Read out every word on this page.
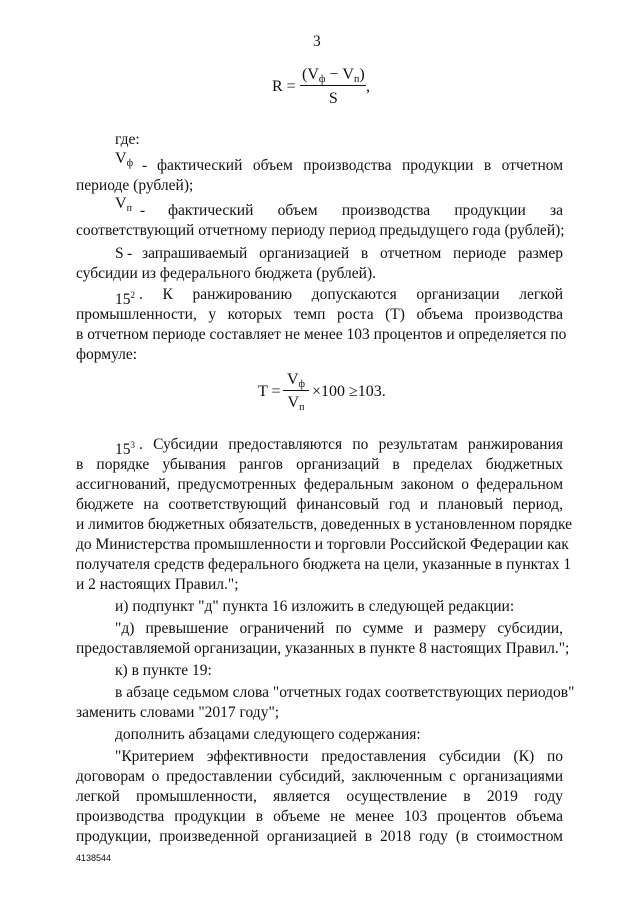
3
R =
$(V_ф - V_п)$
S
,
где:
$V_ф$ - фактический объем производства продукции в отчетном
периоде (рублей);
$V_п$ - фактический объем производства продукции за
соответствующий отчетному периоду период предыдущего года (рублей);
S - запрашиваемый организацией в отчетном периоде размер
субсидии из федерального бюджета (рублей).
$15^2$ . К ранжированию допускаются организации легкой
промышленности, у которых темп роста (Т) объема производства
в отчетном периоде составляет не менее 103 процентов и определяется по
формуле:
T =
$V_ф$
$V_п$
×100 ≥103.
$15^3$ . Субсидии предоставляются по результатам ранжирования
в порядке убывания рангов организаций в пределах бюджетных
ассигнований, предусмотренных федеральным законом о федеральном
бюджете на соответствующий финансовый год и плановый период,
и лимитов бюджетных обязательств, доведенных в установленном порядке
до Министерства промышленности и торговли Российской Федерации как
получателя средств федерального бюджета на цели, указанные в пунктах 1
и 2 настоящих Правил.";
и) подпункт "д" пункта 16 изложить в следующей редакции:
"д) превышение ограничений по сумме и размеру субсидии,
предоставляемой организации, указанных в пункте 8 настоящих Правил.";
к) в пункте 19:
в абзаце седьмом слова "отчетных годах соответствующих периодов"
заменить словами "2017 году";
дополнить абзацами следующего содержания:
"Критерием эффективности предоставления субсидии (К) по
договорам о предоставлении субсидий, заключенным с организациями
легкой промышленности, является осуществление в 2019 году
производства продукции в объеме не менее 103 процентов объема
продукции, произведенной организацией в 2018 году (в стоимостном
4138544
